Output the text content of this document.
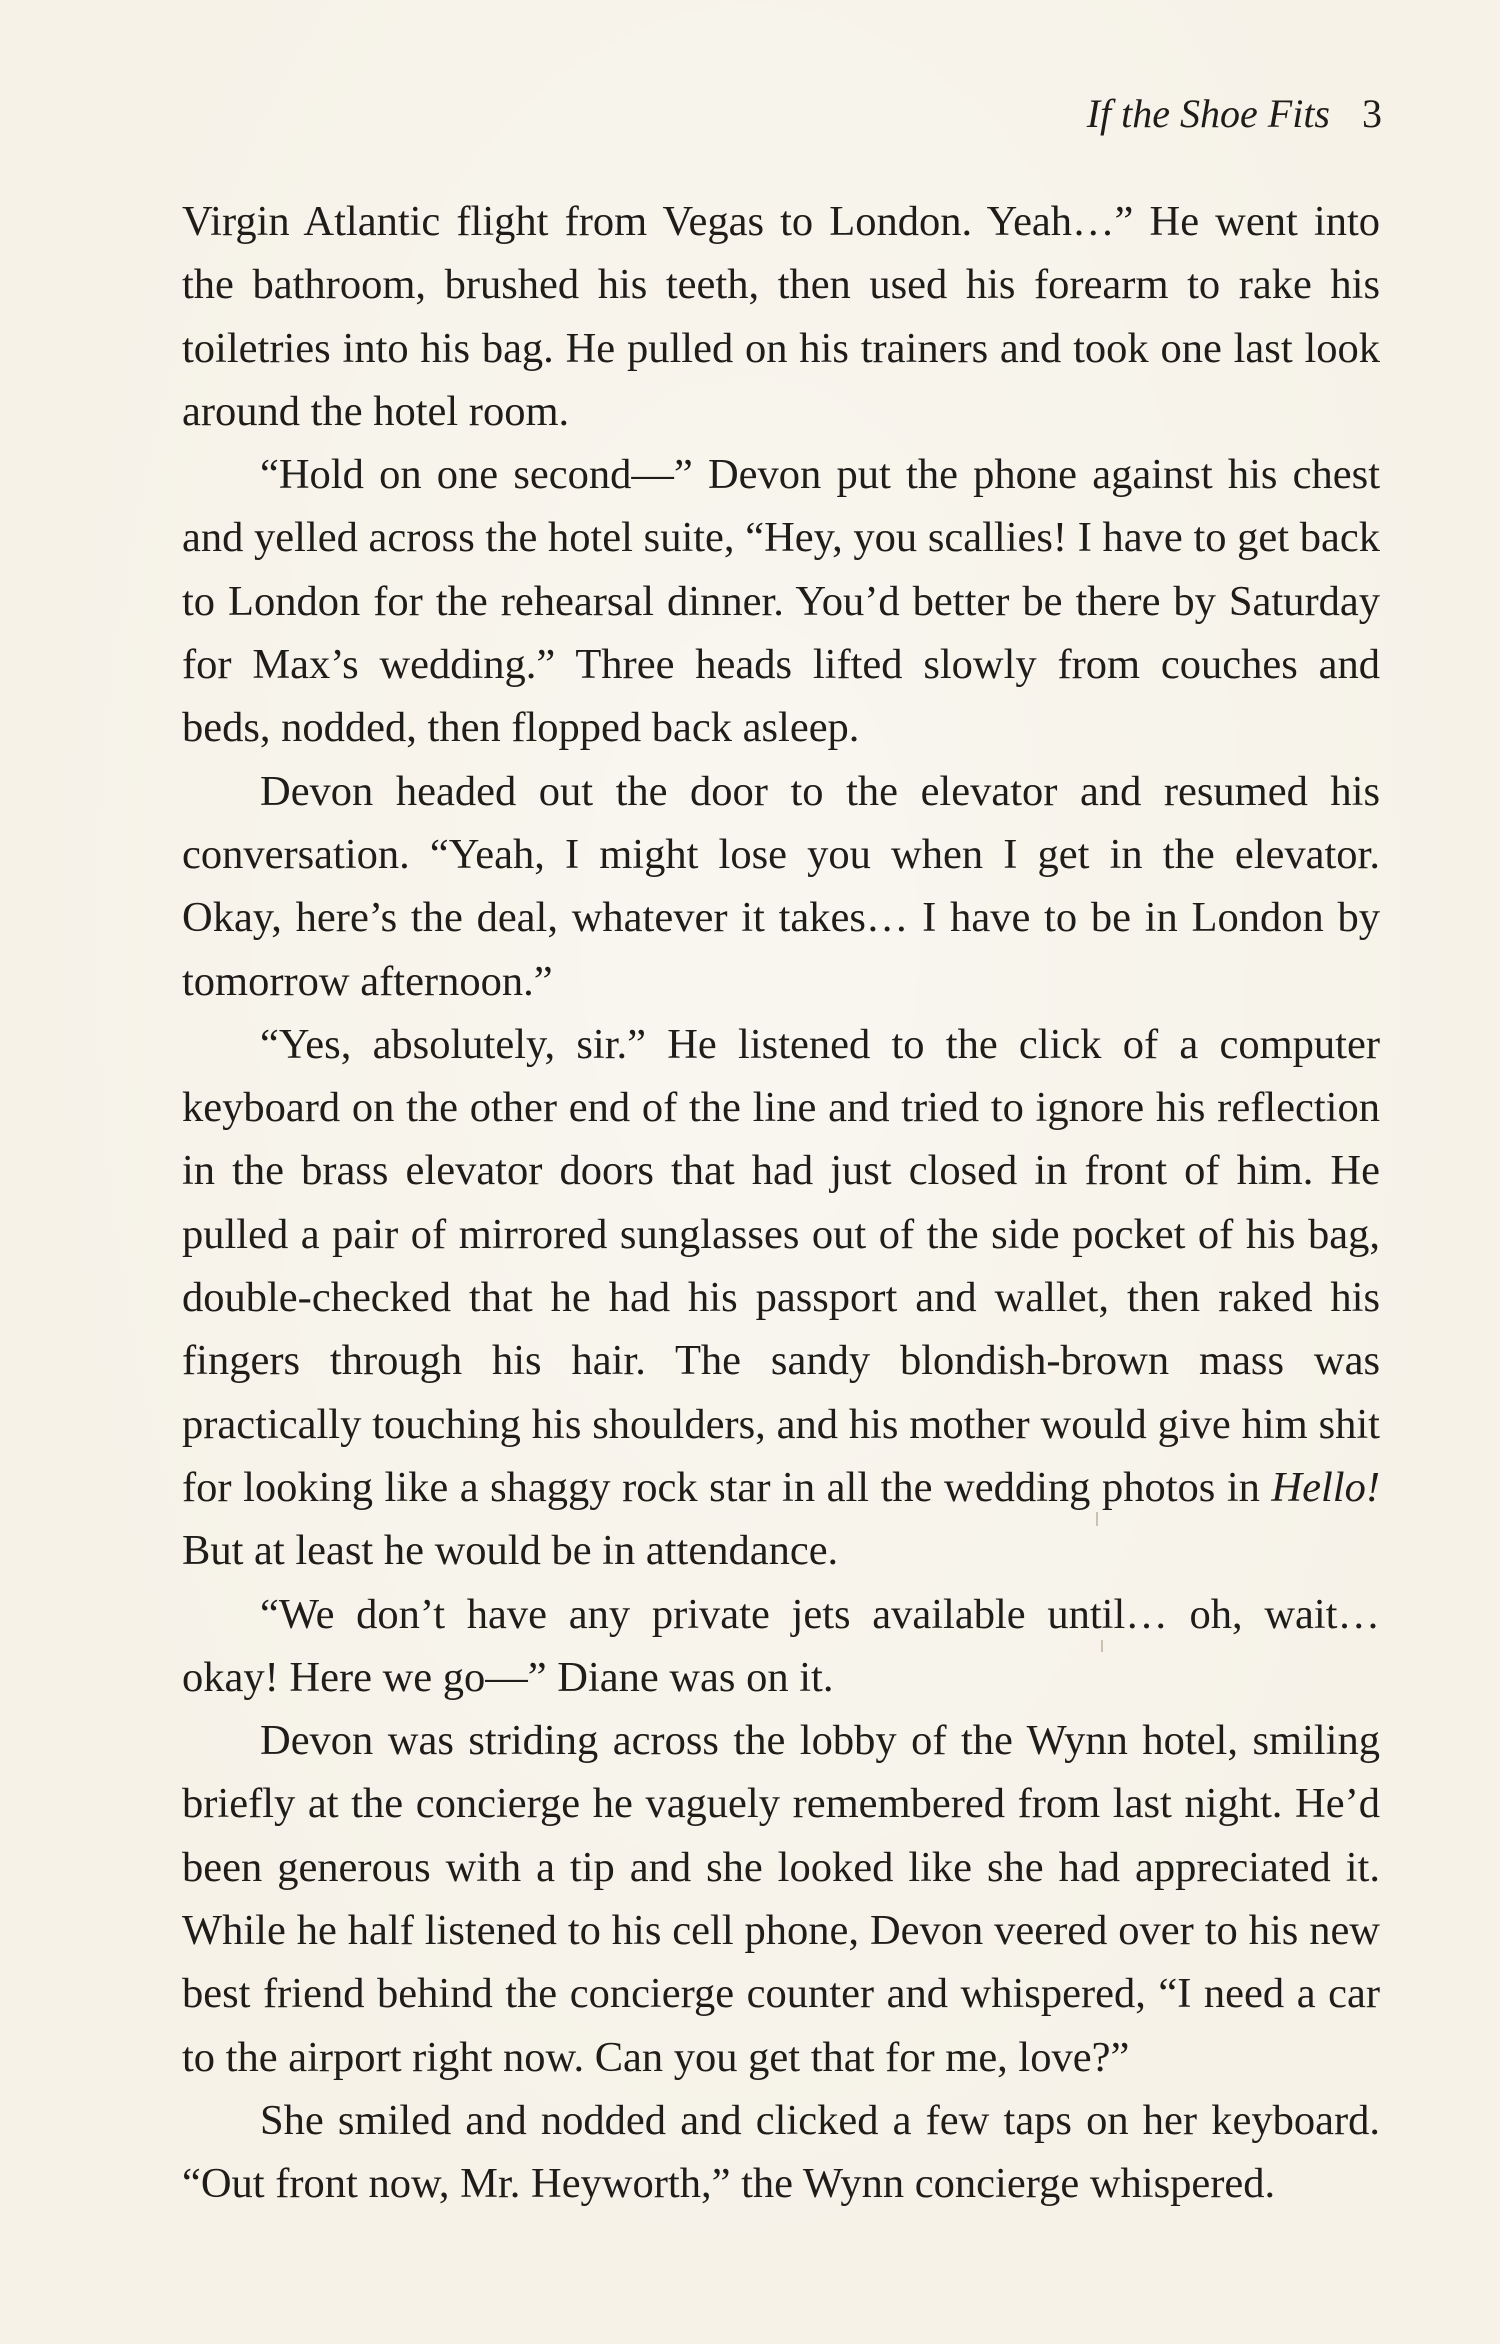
If the Shoe Fits 3

Virgin Atlantic flight from Vegas to London. Yeah…” He went into the bathroom, brushed his teeth, then used his forearm to rake his toiletries into his bag. He pulled on his trainers and took one last look around the hotel room.

“Hold on one second—” Devon put the phone against his chest and yelled across the hotel suite, “Hey, you scallies! I have to get back to London for the rehearsal dinner. You’d better be there by Saturday for Max’s wedding.” Three heads lifted slowly from couches and beds, nodded, then flopped back asleep.

Devon headed out the door to the elevator and resumed his conversation. “Yeah, I might lose you when I get in the elevator. Okay, here’s the deal, whatever it takes… I have to be in London by tomorrow afternoon.”

“Yes, absolutely, sir.” He listened to the click of a computer keyboard on the other end of the line and tried to ignore his reflection in the brass elevator doors that had just closed in front of him. He pulled a pair of mirrored sunglasses out of the side pocket of his bag, double-checked that he had his passport and wallet, then raked his fingers through his hair. The sandy blondish-brown mass was practically touching his shoulders, and his mother would give him shit for looking like a shaggy rock star in all the wedding photos in Hello! But at least he would be in attendance.

“We don’t have any private jets available until… oh, wait… okay! Here we go—” Diane was on it.

Devon was striding across the lobby of the Wynn hotel, smiling briefly at the concierge he vaguely remembered from last night. He’d been generous with a tip and she looked like she had appreciated it. While he half listened to his cell phone, Devon veered over to his new best friend behind the concierge counter and whispered, “I need a car to the airport right now. Can you get that for me, love?”

She smiled and nodded and clicked a few taps on her keyboard. “Out front now, Mr. Heyworth,” the Wynn concierge whispered.
